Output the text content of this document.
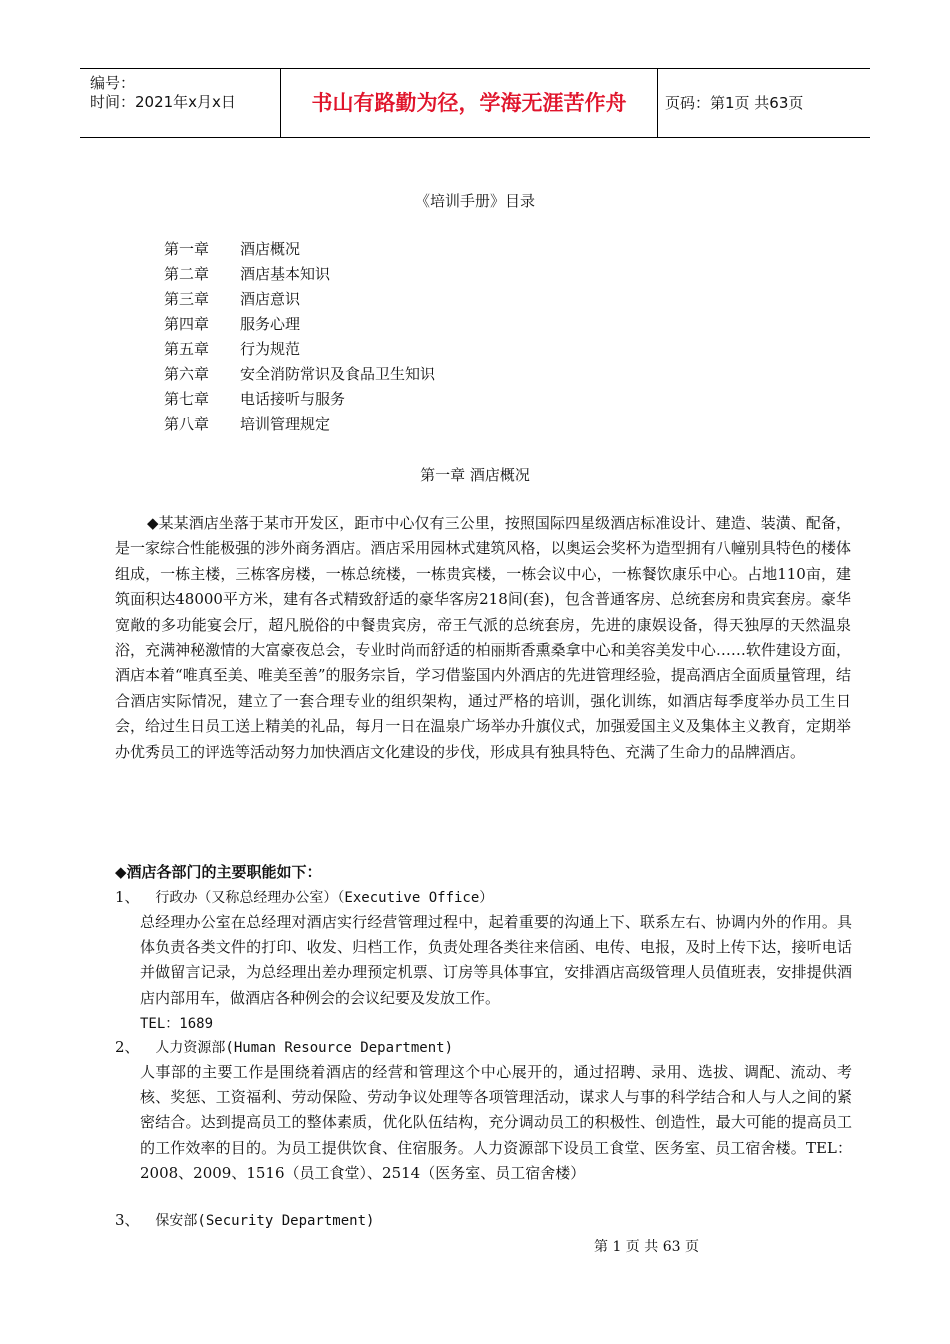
编号：
时间：2021年x月x日	书山有路勤为径，学海无涯苦作舟	页码：第1页 共63页
《培训手册》目录
第一章 酒店概况
第二章 酒店基本知识
第三章 酒店意识
第四章 服务心理
第五章 行为规范
第六章 安全消防常识及食品卫生知识
第七章 电话接听与服务
第八章 培训管理规定
第一章 酒店概况

◆某某酒店坐落于某市开发区，距市中心仅有三公里，按照国际四星级酒店标准设计、建造、装潢、配备，是一家综合性能极强的涉外商务酒店。酒店采用园林式建筑风格，以奥运会奖杯为造型拥有八幢别具特色的楼体组成，一栋主楼，三栋客房楼，一栋总统楼，一栋贵宾楼，一栋会议中心，一栋餐饮康乐中心。占地110亩，建筑面积达48000平方米，建有各式精致舒适的豪华客房218间(套)，包含普通客房、总统套房和贵宾套房。豪华宽敞的多功能宴会厅，超凡脱俗的中餐贵宾房，帝王气派的总统套房，先进的康娱设备，得天独厚的天然温泉浴，充满神秘激情的大富豪夜总会，专业时尚而舒适的柏丽斯香熏桑拿中心和美容美发中心……软件建设方面，酒店本着“唯真至美、唯美至善”的服务宗旨，学习借鉴国内外酒店的先进管理经验，提高酒店全面质量管理，结合酒店实际情况，建立了一套合理专业的组织架构，通过严格的培训，强化训练，如酒店每季度举办员工生日会，给过生日员工送上精美的礼品，每月一日在温泉广场举办升旗仪式，加强爱国主义及集体主义教育，定期举办优秀员工的评选等活动努力加快酒店文化建设的步伐，形成具有独具特色、充满了生命力的品牌酒店。

◆酒店各部门的主要职能如下：
1、 行政办（又称总经理办公室）（Executive Office）

总经理办公室在总经理对酒店实行经营管理过程中，起着重要的沟通上下、联系左右、协调内外的作用。具体负责各类文件的打印、收发、归档工作，负责处理各类往来信函、电传、电报，及时上传下达，接听电话并做留言记录，为总经理出差办理预定机票、订房等具体事宜，安排酒店高级管理人员值班表，安排提供酒店内部用车，做酒店各种例会的会议纪要及发放工作。

TEL：1689
2、 人力资源部(Human Resource Department)

人事部的主要工作是围绕着酒店的经营和管理这个中心展开的，通过招聘、录用、选拔、调配、流动、考核、奖惩、工资福利、劳动保险、劳动争议处理等各项管理活动，谋求人与事的科学结合和人与人之间的紧密结合。达到提高员工的整体素质，优化队伍结构，充分调动员工的积极性、创造性，最大可能的提高员工的工作效率的目的。为员工提供饮食、住宿服务。人力资源部下设员工食堂、医务室、员工宿舍楼。TEL：2008、2009、1516（员工食堂）、2514（医务室、员工宿舍楼）

3、 保安部(Security Department)
第 1 页 共 63 页
